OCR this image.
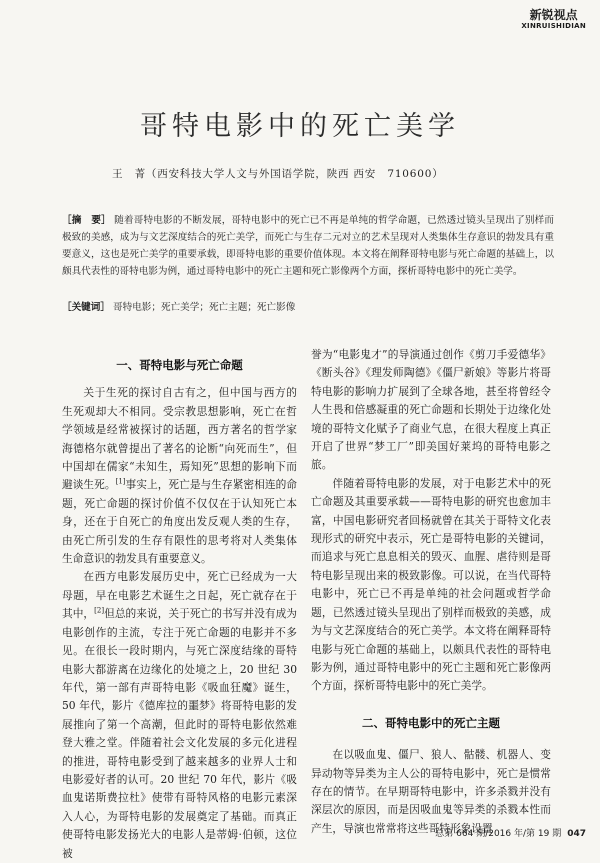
新锐视点
XINRUISHIDIAN
哥特电影中的死亡美学
王　菁（西安科技大学人文与外国语学院，陕西 西安　710600）
［摘　要］ 随着哥特电影的不断发展，哥特电影中的死亡已不再是单纯的哲学命题，已然透过镜头呈现出了别样而极致的美感，成为与文艺深度结合的死亡美学，而死亡与生存二元对立的艺术呈现对人类集体生存意识的勃发具有重要意义，这也是死亡美学的重要承载，即哥特电影的重要价值体现。本文将在阐释哥特电影与死亡命题的基础上，以颇具代表性的哥特电影为例，通过哥特电影中的死亡主题和死亡影像两个方面，探析哥特电影中的死亡美学。
［关键词］ 哥特电影；死亡美学；死亡主题；死亡影像
一、哥特电影与死亡命题

关于生死的探讨自古有之，但中国与西方的生死观却大不相同。受宗教思想影响，死亡在哲学领域是经常被探讨的话题，西方著名的哲学家海德格尔就曾提出了著名的论断“向死而生”，但中国却在儒家“未知生，焉知死”思想的影响下而避谈生死。[1]事实上，死亡是与生存紧密相连的命题，死亡命题的探讨价值不仅仅在于认知死亡本身，还在于自死亡的角度出发反观人类的生存，由死亡所引发的生存有限性的思考将对人类集体生命意识的勃发具有重要意义。

在西方电影发展历史中，死亡已经成为一大母题，早在电影艺术诞生之日起，死亡就存在于其中，[2]但总的来说，关于死亡的书写并没有成为电影创作的主流，专注于死亡命题的电影并不多见。在很长一段时期内，与死亡深度结缘的哥特电影大都游离在边缘化的处境之上，20 世纪 30 年代，第一部有声哥特电影《吸血狂魔》诞生，50 年代，影片《德库拉的噩梦》将哥特电影的发展推向了第一个高潮，但此时的哥特电影依然难登大雅之堂。伴随着社会文化发展的多元化进程的推进，哥特电影受到了越来越多的业界人士和电影爱好者的认可。20 世纪 70 年代，影片《吸血鬼诺斯费拉杜》使带有哥特风格的电影元素深入人心，为哥特电影的发展奠定了基础。而真正使哥特电影发扬光大的电影人是蒂姆·伯顿，这位被

誉为“电影鬼才”的导演通过创作《剪刀手爱德华》《断头谷》《理发师陶德》《僵尸新娘》等影片将哥特电影的影响力扩展到了全球各地，甚至将曾经令人生畏和倍感凝重的死亡命题和长期处于边缘化处境的哥特文化赋予了商业气息，在很大程度上真正开启了世界“梦工厂”即美国好莱坞的哥特电影之旅。

伴随着哥特电影的发展，对于电影艺术中的死亡命题及其重要承载——哥特电影的研究也愈加丰富，中国电影研究者回杨就曾在其关于哥特文化表现形式的研究中表示，死亡是哥特电影的关键词，而追求与死亡息息相关的毁灭、血腥、虐待则是哥特电影呈现出来的极致影像。可以说，在当代哥特电影中，死亡已不再是单纯的社会问题或哲学命题，已然透过镜头呈现出了别样而极致的美感，成为与文艺深度结合的死亡美学。本文将在阐释哥特电影与死亡命题的基础上，以颇具代表性的哥特电影为例，通过哥特电影中的死亡主题和死亡影像两个方面，探析哥特电影中的死亡美学。

二、哥特电影中的死亡主题

在以吸血鬼、僵尸、狼人、骷髅、机器人、变异动物等异类为主人公的哥特电影中，死亡是惯常存在的情节。在早期哥特电影中，许多杀戮并没有深层次的原因，而是因吸血鬼等异类的杀戮本性而产生，导演也常常将这些哥特形象设置

总第 664 期/2016 年/第 19 期 047
